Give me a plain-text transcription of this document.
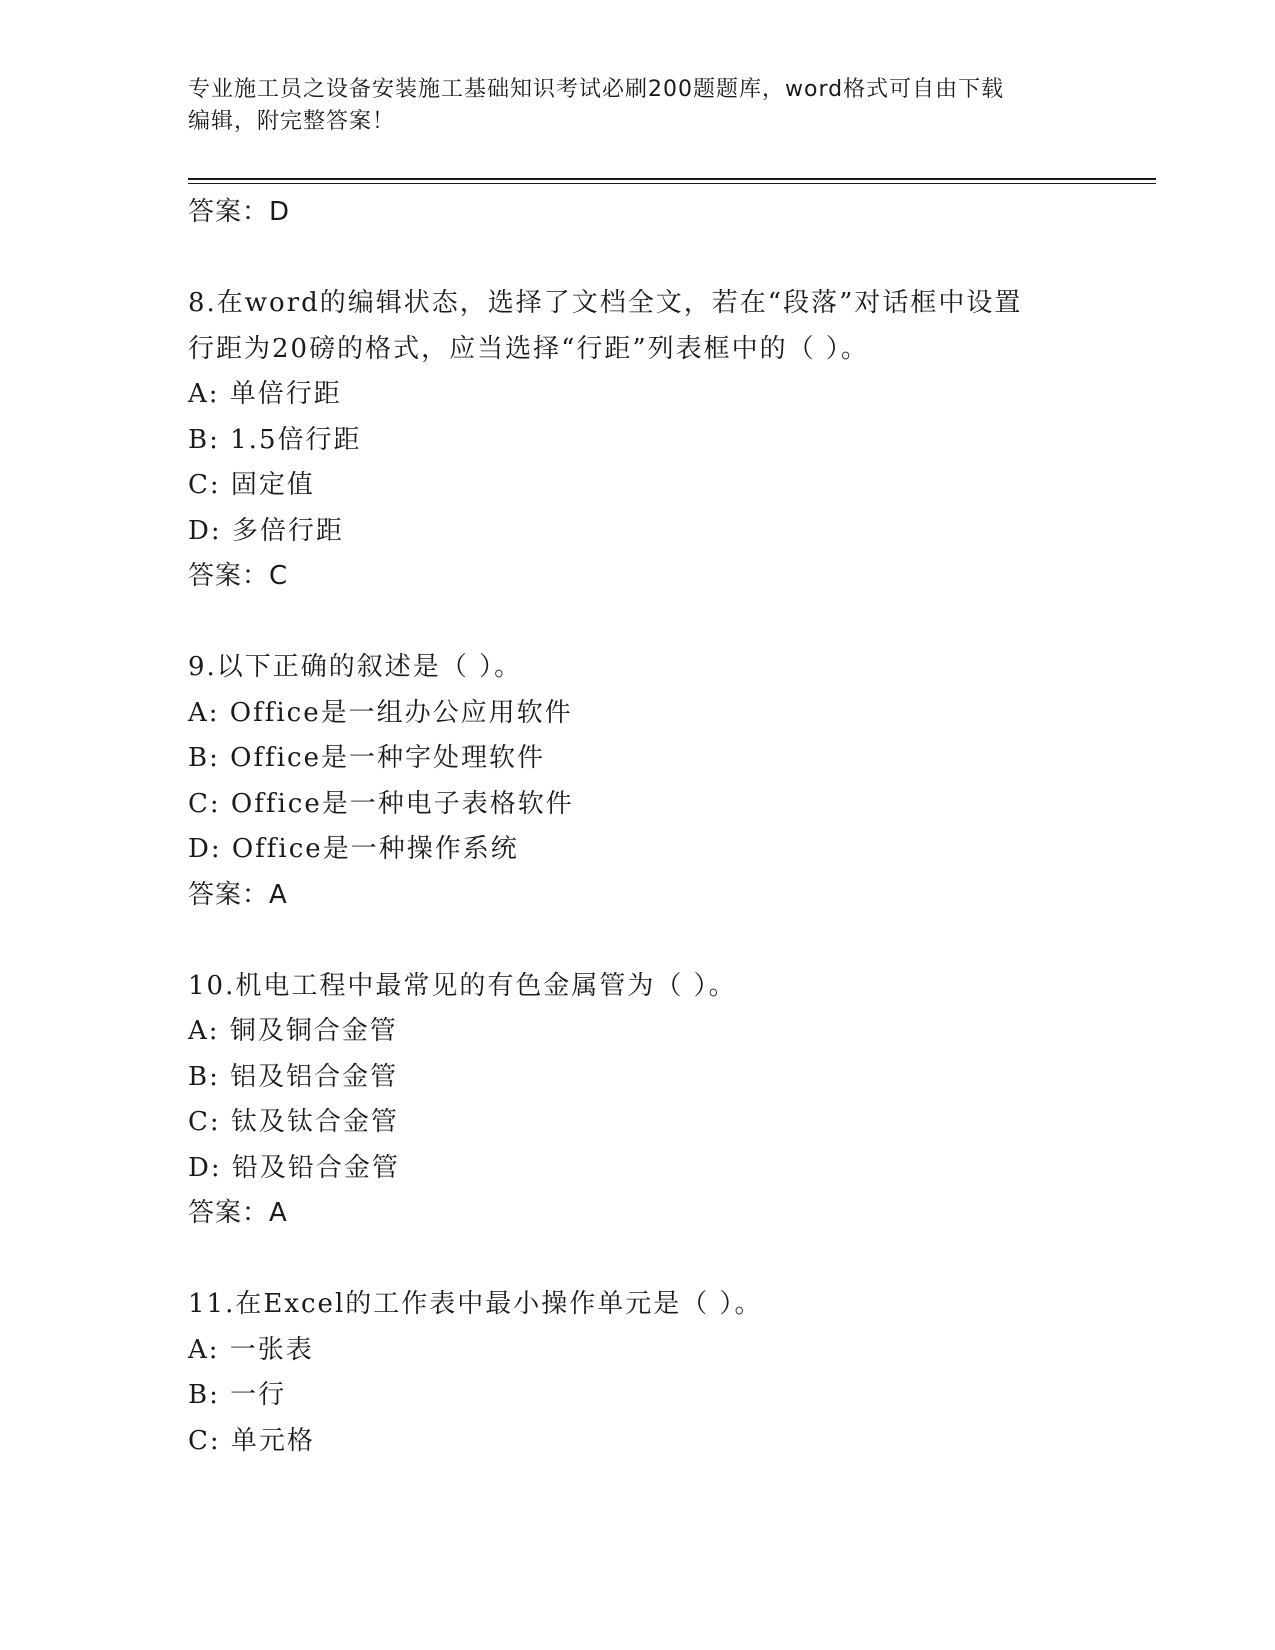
专业施工员之设备安装施工基础知识考试必刷200题题库，word格式可自由下载
编辑，附完整答案！
答案：D
8.在word的编辑状态，选择了文档全文，若在“段落”对话框中设置
行距为20磅的格式，应当选择“行距”列表框中的（ ）。
A: 单倍行距
B: 1.5倍行距
C: 固定值
D: 多倍行距
答案：C
9.以下正确的叙述是（ ）。
A: Office是一组办公应用软件
B: Office是一种字处理软件
C: Office是一种电子表格软件
D: Office是一种操作系统
答案：A
10.机电工程中最常见的有色金属管为（ ）。
A: 铜及铜合金管
B: 铝及铝合金管
C: 钛及钛合金管
D: 铅及铅合金管
答案：A
11.在Excel的工作表中最小操作单元是（ ）。
A: 一张表
B: 一行
C: 单元格
